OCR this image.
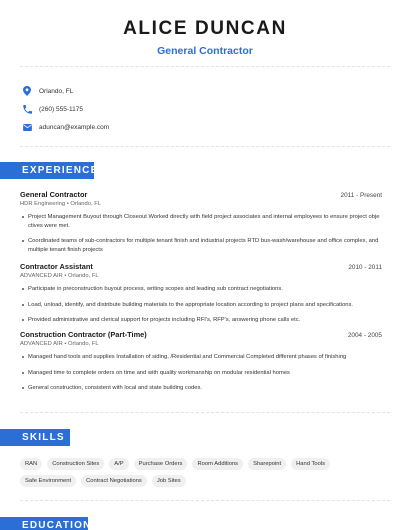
ALICE DUNCAN
General Contractor
Orlando, FL
(260) 555-1175
aduncan@example.com
EXPERIENCE
General Contractor	2011 - Present
HDR Engineering • Orlando, FL
Project Management Buyout through Closeout Worked directly with field project associates and internal employees to ensure project obje ctives were met.
Coordinated teams of sub-contractors for multiple tenant finish and industrial projects RTD bus-wash/warehouse and office complex, and multiple tenant finish projects
Contractor Assistant	2010 - 2011
ADVANCED AIR • Orlando, FL
Participate in preconstruction buyout process, writing scopes and leading sub contract negotiations.
Load, unload, identify, and distribute building materials to the appropriate location according to project plans and specifications.
Provided administrative and clerical support for projects including RFI's, RFP's, answering phone calls etc.
Construction Contractor (Part-Time)	2004 - 2005
ADVANCED AIR • Orlando, FL
Managed hand tools and supplies Installation of siding, /Residential and Commercial Completed different phases of finishing
Managed time to complete orders on time and with quality workmanship on modular residential homes
General construction, consistent with local and state building codes.
SKILLS
RAN	Construction Sites	A/P	Purchase Orders	Room Additions	Sharepoint	Hand Tools
Safe Environment	Contract Negotiations	Job Sites
EDUCATION
